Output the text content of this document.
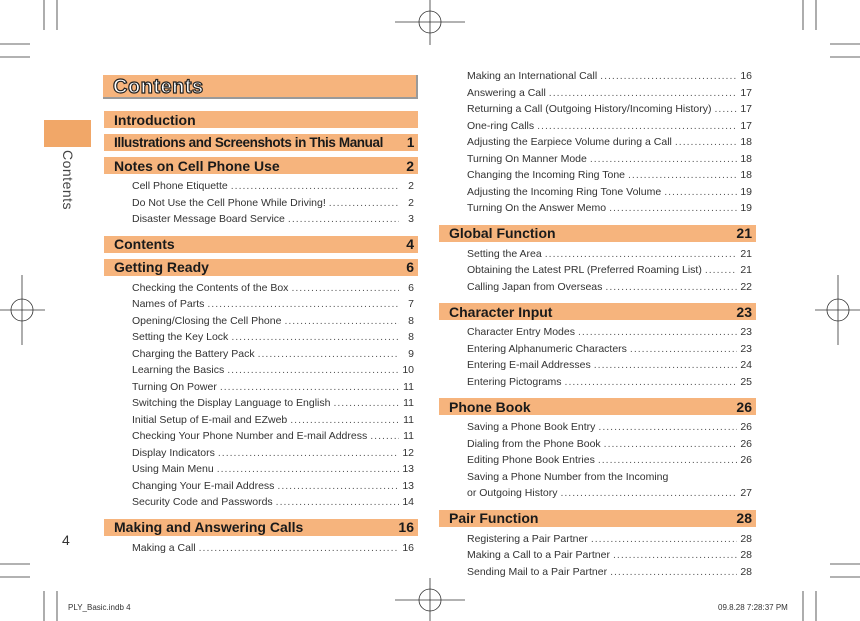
Contents
4
Contents
Introduction
Illustrations and Screenshots in This Manual 1
Notes on Cell Phone Use	2
Cell Phone Etiquette .....	2
Do Not Use the Cell Phone While Driving! .....	2
Disaster Message Board Service .....	3
Contents	4
Getting Ready	6
Checking the Contents of the Box .....	6
Names of Parts .....	7
Opening/Closing the Cell Phone .....	8
Setting the Key Lock .....	8
Charging the Battery Pack .....	9
Learning the Basics .....	10
Turning On Power .....	11
Switching the Display Language to English .....	11
Initial Setup of E-mail and EZweb .....	11
Checking Your Phone Number and E-mail Address .....	11
Display Indicators .....	12
Using Main Menu .....	13
Changing Your E-mail Address .....	13
Security Code and Passwords .....	14
Making and Answering Calls	16
Making a Call .....	16
Making an International Call .....	16
Answering a Call .....	17
Returning a Call (Outgoing History/Incoming History) .....	17
One-ring Calls .....	17
Adjusting the Earpiece Volume during a Call .....	18
Turning On Manner Mode .....	18
Changing the Incoming Ring Tone .....	18
Adjusting the Incoming Ring Tone Volume .....	19
Turning On the Answer Memo .....	19
Global Function	21
Setting the Area .....	21
Obtaining the Latest PRL (Preferred Roaming List) .....	21
Calling Japan from Overseas .....	22
Character Input	23
Character Entry Modes .....	23
Entering Alphanumeric Characters .....	23
Entering E-mail Addresses .....	24
Entering Pictograms .....	25
Phone Book	26
Saving a Phone Book Entry .....	26
Dialing from the Phone Book .....	26
Editing Phone Book Entries .....	26
Saving a Phone Number from the Incoming
or Outgoing History .....	27
Pair Function	28
Registering a Pair Partner .....	28
Making a Call to a Pair Partner .....	28
Sending Mail to a Pair Partner .....	28
PLY_Basic.indb 4	09.8.28 7:28:37 PM
